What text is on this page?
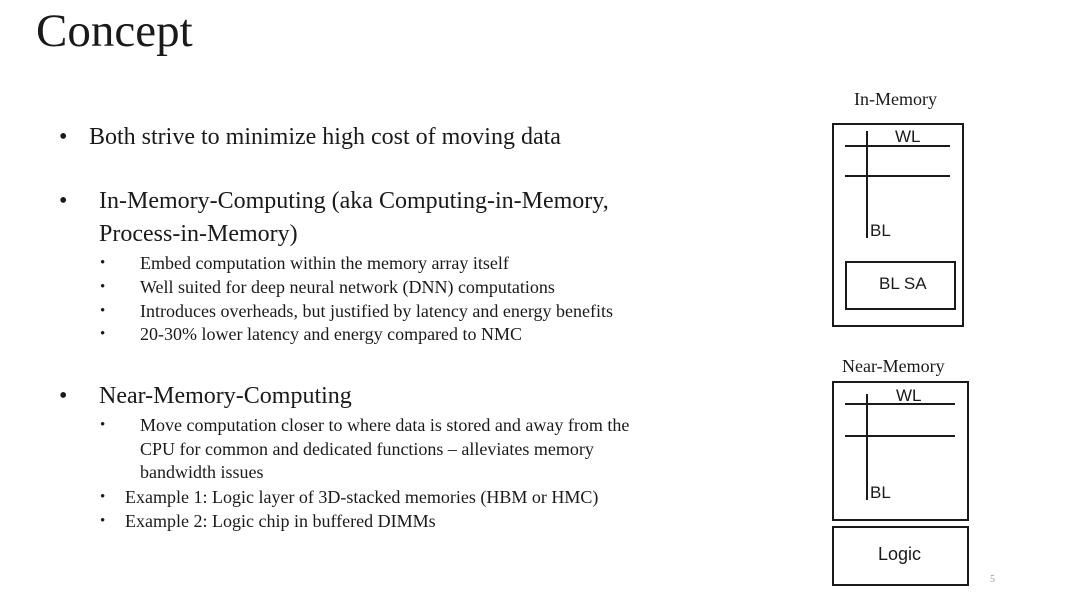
Concept
• Both strive to minimize high cost of moving data
• In-Memory-Computing (aka Computing-in-Memory,
Process-in-Memory)
• Embed computation within the memory array itself
• Well suited for deep neural network (DNN) computations
• Introduces overheads, but justified by latency and energy benefits
• 20-30% lower latency and energy compared to NMC
• Near-Memory-Computing
• Move computation closer to where data is stored and away from the
CPU for common and dedicated functions – alleviates memory
bandwidth issues
• Example 1: Logic layer of 3D-stacked memories (HBM or HMC)
• Example 2: Logic chip in buffered DIMMs
In-Memory
WL
BL
BL SA
Near-Memory
WL
BL
Logic
5
